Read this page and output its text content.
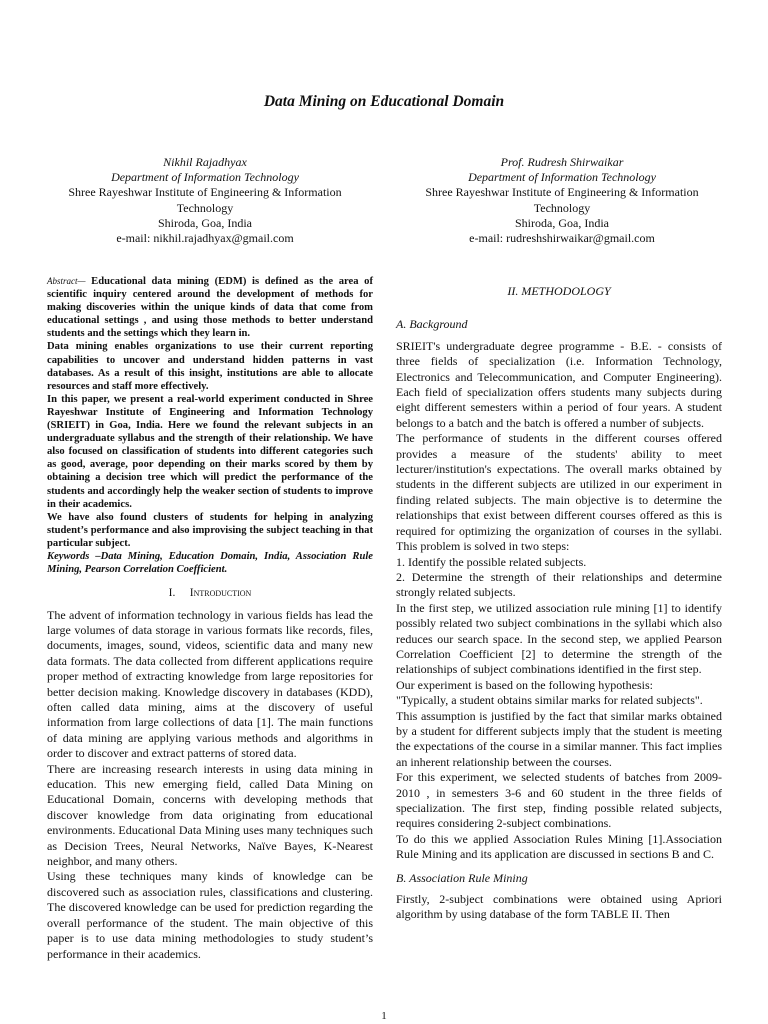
Data Mining on Educational Domain
Nikhil Rajadhyax
Department of Information Technology
Shree Rayeshwar Institute of Engineering & Information
Technology
Shiroda, Goa, India
e-mail: nikhil.rajadhyax@gmail.com
Prof. Rudresh Shirwaikar
Department of Information Technology
Shree Rayeshwar Institute of Engineering & Information
Technology
Shiroda, Goa, India
e-mail: rudreshshirwaikar@gmail.com

Abstract— Educational data mining (EDM) is defined as the area of scientific inquiry centered around the development of methods for making discoveries within the unique kinds of data that come from educational settings , and using those methods to better understand students and the settings which they learn in.

Data mining enables organizations to use their current reporting capabilities to uncover and understand hidden patterns in vast databases. As a result of this insight, institutions are able to allocate resources and staff more effectively.

In this paper, we present a real-world experiment conducted in Shree Rayeshwar Institute of Engineering and Information Technology (SRIEIT) in Goa, India. Here we found the relevant subjects in an undergraduate syllabus and the strength of their relationship. We have also focused on classification of students into different categories such as good, average, poor depending on their marks scored by them by obtaining a decision tree which will predict the performance of the students and accordingly help the weaker section of students to improve in their academics.

We have also found clusters of students for helping in analyzing student’s performance and also improvising the subject teaching in that particular subject.

Keywords –Data Mining, Education Domain, India, Association Rule Mining, Pearson Correlation Coefficient.

I. Introduction

The advent of information technology in various fields has lead the large volumes of data storage in various formats like records, files, documents, images, sound, videos, scientific data and many new data formats. The data collected from different applications require proper method of extracting knowledge from large repositories for better decision making. Knowledge discovery in databases (KDD), often called data mining, aims at the discovery of useful information from large collections of data [1]. The main functions of data mining are applying various methods and algorithms in order to discover and extract patterns of stored data.

There are increasing research interests in using data mining in education. This new emerging field, called Data Mining on Educational Domain, concerns with developing methods that discover knowledge from data originating from educational environments. Educational Data Mining uses many techniques such as Decision Trees, Neural Networks, Naïve Bayes, K-Nearest neighbor, and many others.

Using these techniques many kinds of knowledge can be discovered such as association rules, classifications and clustering. The discovered knowledge can be used for prediction regarding the overall performance of the student. The main objective of this paper is to use data mining methodologies to study student’s performance in their academics.

II. METHODOLOGY
A. Background

SRIEIT's undergraduate degree programme - B.E. - consists of three fields of specialization (i.e. Information Technology, Electronics and Telecommunication, and Computer Engineering). Each field of specialization offers students many subjects during eight different semesters within a period of four years. A student belongs to a batch and the batch is offered a number of subjects.

The performance of students in the different courses offered provides a measure of the students' ability to meet lecturer/institution's expectations. The overall marks obtained by students in the different subjects are utilized in our experiment in finding related subjects. The main objective is to determine the relationships that exist between different courses offered as this is required for optimizing the organization of courses in the syllabi. This problem is solved in two steps:

1. Identify the possible related subjects.

2. Determine the strength of their relationships and determine strongly related subjects.

In the first step, we utilized association rule mining [1] to identify possibly related two subject combinations in the syllabi which also reduces our search space. In the second step, we applied Pearson Correlation Coefficient [2] to determine the strength of the relationships of subject combinations identified in the first step.

Our experiment is based on the following hypothesis:

"Typically, a student obtains similar marks for related subjects".

This assumption is justified by the fact that similar marks obtained by a student for different subjects imply that the student is meeting the expectations of the course in a similar manner. This fact implies an inherent relationship between the courses.

For this experiment, we selected students of batches from 2009-2010 , in semesters 3-6 and 60 student in the three fields of specialization. The first step, finding possible related subjects, requires considering 2-subject combinations.

To do this we applied Association Rules Mining [1].Association Rule Mining and its application are discussed in sections B and C.

B. Association Rule Mining

Firstly, 2-subject combinations were obtained using Apriori algorithm by using database of the form TABLE II. Then

1
